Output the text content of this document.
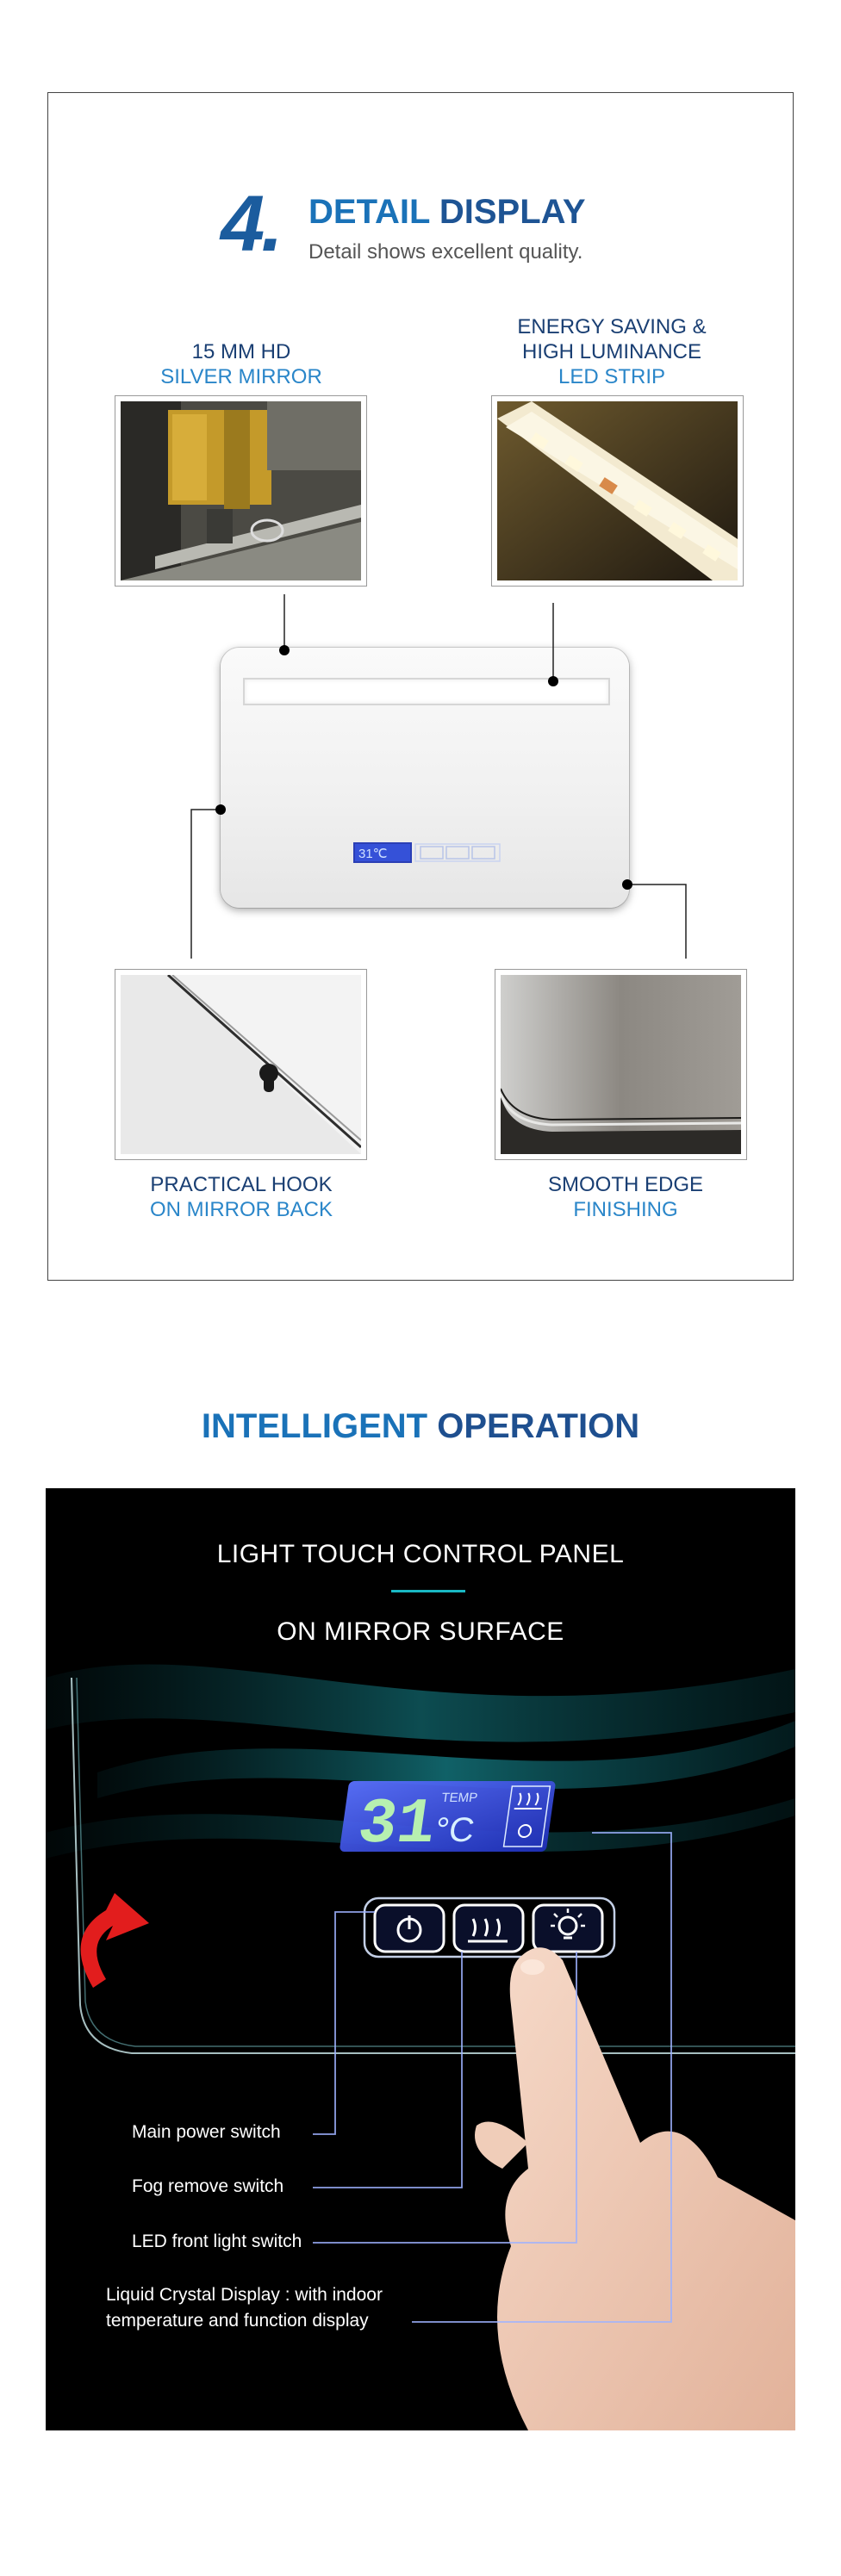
4. DETAIL DISPLAY
Detail shows excellent quality.
15 MM HD
SILVER MIRROR
ENERGY SAVING &
HIGH LUMINANCE
LED STRIP
31℃
PRACTICAL HOOK
ON MIRROR BACK
SMOOTH EDGE
FINISHING
INTELLIGENT OPERATION
LIGHT TOUCH CONTROL PANEL
ON MIRROR SURFACE
31 TEMP
°C
Main power switch
Fog remove switch
LED front light switch
Liquid Crystal Display : with indoor
temperature and function display
